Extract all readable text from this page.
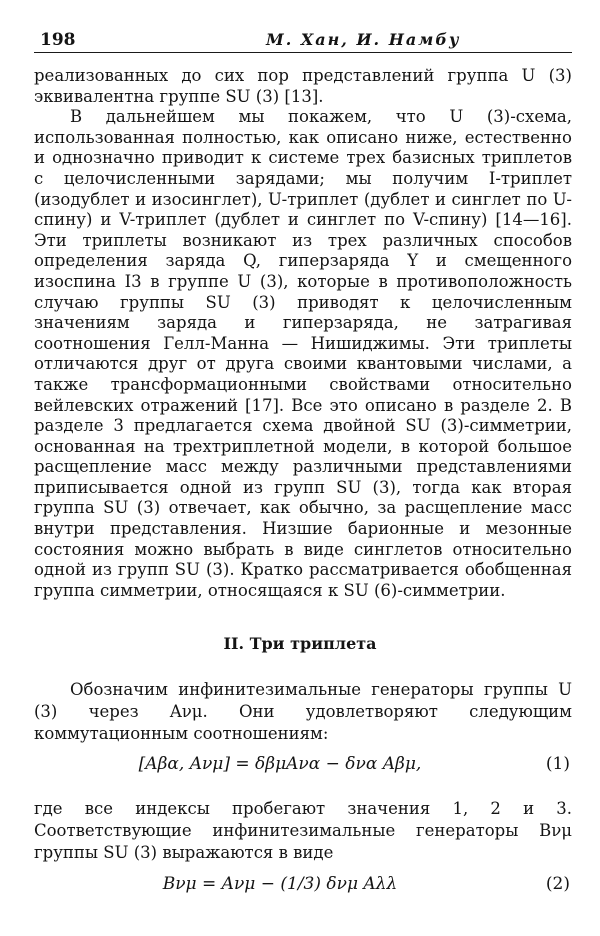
198	М. Хан, И. Намбу

реализованных до сих пор представлений группа U (3) эквивалентна группе SU (3) [13].

В дальнейшем мы покажем, что U (3)-схема, использованная полностью, как описано ниже, естественно и однозначно приводит к системе трех базисных триплетов с целочисленными зарядами; мы получим I-триплет (изодублет и изосинглет), U-триплет (дублет и синглет по U-спину) и V-триплет (дублет и синглет по V-спину) [14—16]. Эти триплеты возникают из трех различных способов определения заряда Q, гиперзаряда Y и смещенного изоспина I3 в группе U (3), которые в противоположность случаю группы SU (3) приводят к целочисленным значениям заряда и гиперзаряда, не затрагивая соотношения Гелл-Манна — Нишиджимы. Эти триплеты отличаются друг от друга своими квантовыми числами, а также трансформационными свойствами относительно вейлевских отражений [17]. Все это описано в разделе 2. В разделе 3 предлагается схема двойной SU (3)-симметрии, основанная на трехтриплетной модели, в которой большое расщепление масс между различными представлениями приписывается одной из групп SU (3), тогда как вторая группа SU (3) отвечает, как обычно, за расщепление масс внутри представления. Низшие барионные и мезонные состояния можно выбрать в виде синглетов относительно одной из групп SU (3). Кратко рассматривается обобщенная группа симметрии, относящаяся к SU (6)-симметрии.

II. Три триплета

Обозначим инфинитезимальные генераторы группы U (3) через Aνμ. Они удовлетворяют следующим коммутационным соотношениям:

[Aβα, Aνμ] = δβμAνα − δνα Aβμ,	(1)

где все индексы пробегают значения 1, 2 и 3. Соответствующие инфинитезимальные генераторы Bνμ группы SU (3) выражаются в виде

Bνμ = Aνμ − (1/3) δνμ Aλλ	(2)
